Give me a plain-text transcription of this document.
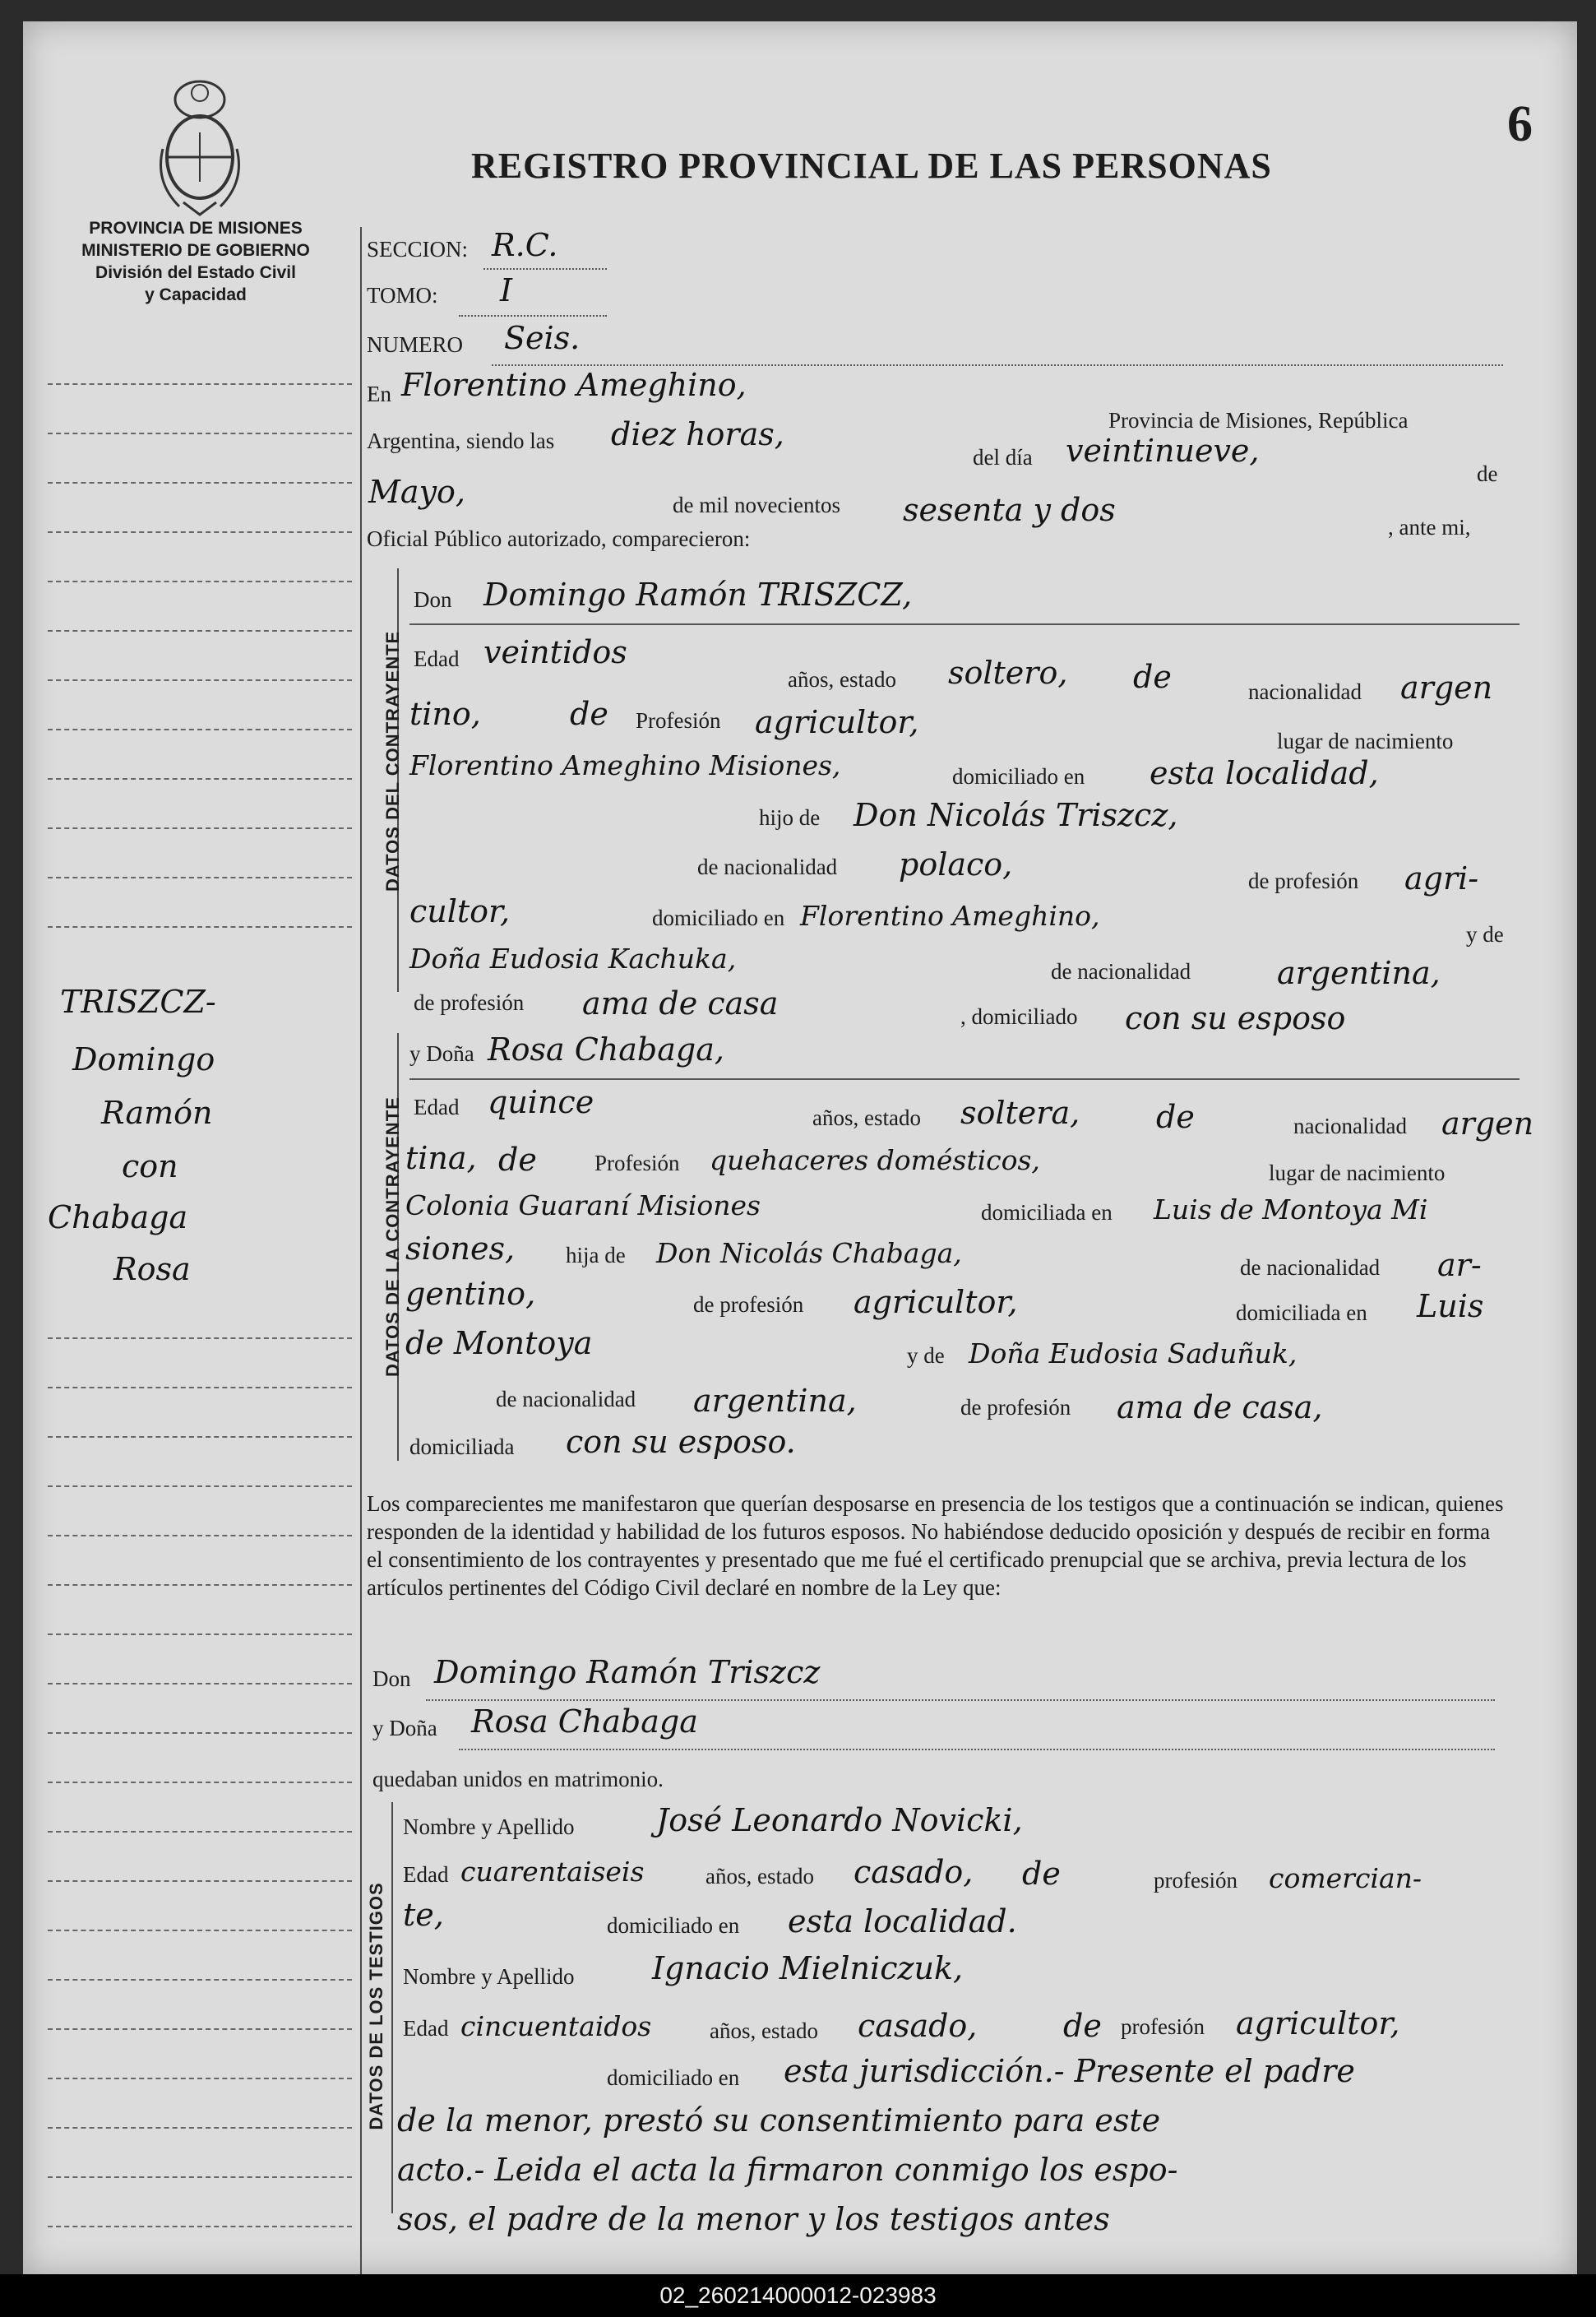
6
REGISTRO PROVINCIAL DE LAS PERSONAS
PROVINCIA DE MISIONES
MINISTERIO DE GOBIERNO
División del Estado Civil
y Capacidad
TRISZCZ-
Domingo
Ramón
con
Chabaga
Rosa
SECCION: R.C.
TOMO: I
NUMERO Seis.
En Florentino Ameghino,
Provincia de Misiones, República
Argentina, siendo las diez horas,
del día veintinueve,
de
Mayo,	de mil novecientos sesenta y dos	, ante mi,
Oficial Público autorizado, comparecieron:
DATOS DEL CONTRAYENTE
Don Domingo Ramón TRISZCZ,
Edad veintidos
años, estado soltero, de	nacionalidad argen
tino,	de Profesión agricultor,
lugar de nacimiento
Florentino Ameghino Misiones,	domiciliado en esta localidad,
hijo de Don Nicolás Triszcz,
de nacionalidad polaco,	de profesión agri-
cultor,	domiciliado en Florentino Ameghino,
y de
Doña Eudosia Kachuka,	de nacionalidad	argentina,
de profesión ama de casa	, domiciliado con su esposo
DATOS DE LA CONTRAYENTE
y Doña Rosa Chabaga,
Edad quince	años, estado soltera, de	nacionalidad argen
tina, de	Profesión quehaceres domésticos,	lugar de nacimiento
Colonia Guaraní Misiones	domiciliada en Luis de Montoya Mi
siones, hija de Don Nicolás Chabaga,	de nacionalidad ar-
gentino,	de profesión agricultor,	domiciliada en Luis
de Montoya	y de Doña Eudosia Saduñuk,
de nacionalidad argentina,	de profesión ama de casa,
domiciliada con su esposo.
Los comparecientes me manifestaron que querían desposarse en presencia de los testigos que a continuación se indican, quienes responden de la identidad y habilidad de los futuros esposos. No habiéndose deducido oposición y después de recibir en forma el consentimiento de los contrayentes y presentado que me fué el certificado prenupcial que se archiva, previa lectura de los artículos pertinentes del Código Civil declaré en nombre de la Ley que:
Don Domingo Ramón Triszcz
y Doña Rosa Chabaga
quedaban unidos en matrimonio.
DATOS DE LOS TESTIGOS
Nombre y Apellido	José Leonardo Novicki,
Edad cuarentaiseis	años, estado casado, de	profesión comercian-
te,	domiciliado en esta localidad.
Nombre y Apellido Ignacio Mielniczuk,
Edad cincuentaidos	años, estado casado,	de profesión agricultor,
domiciliado en esta jurisdicción.- Presente el padre
de la menor, prestó su consentimiento para este
acto.- Leida el acta la firmaron conmigo los espo-
sos, el padre de la menor y los testigos antes
02_260214000012-023983
